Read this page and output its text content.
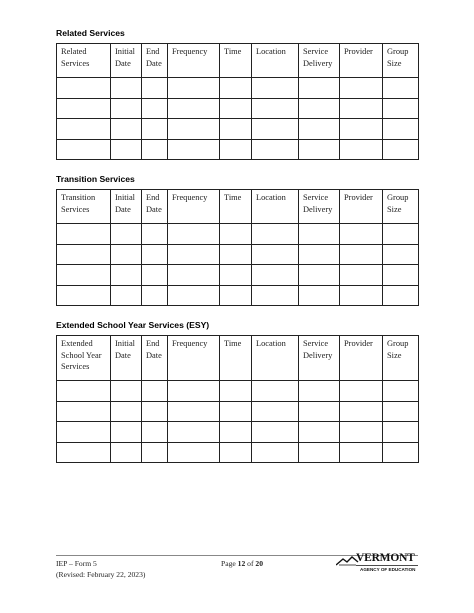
Related Services
Related Services	Initial Date	End Date	Frequency	Time	Location	Service Delivery	Provider	Group Size

Transition Services
Transition Services	Initial Date	End Date	Frequency	Time	Location	Service Delivery	Provider	Group Size

Extended School Year Services (ESY)
Extended School Year Services	Initial Date	End Date	Frequency	Time	Location	Service Delivery	Provider	Group Size

IEP – Form 5
(Revised: February 22, 2023)
Page 12 of 20	VERMONT
AGENCY OF EDUCATION
